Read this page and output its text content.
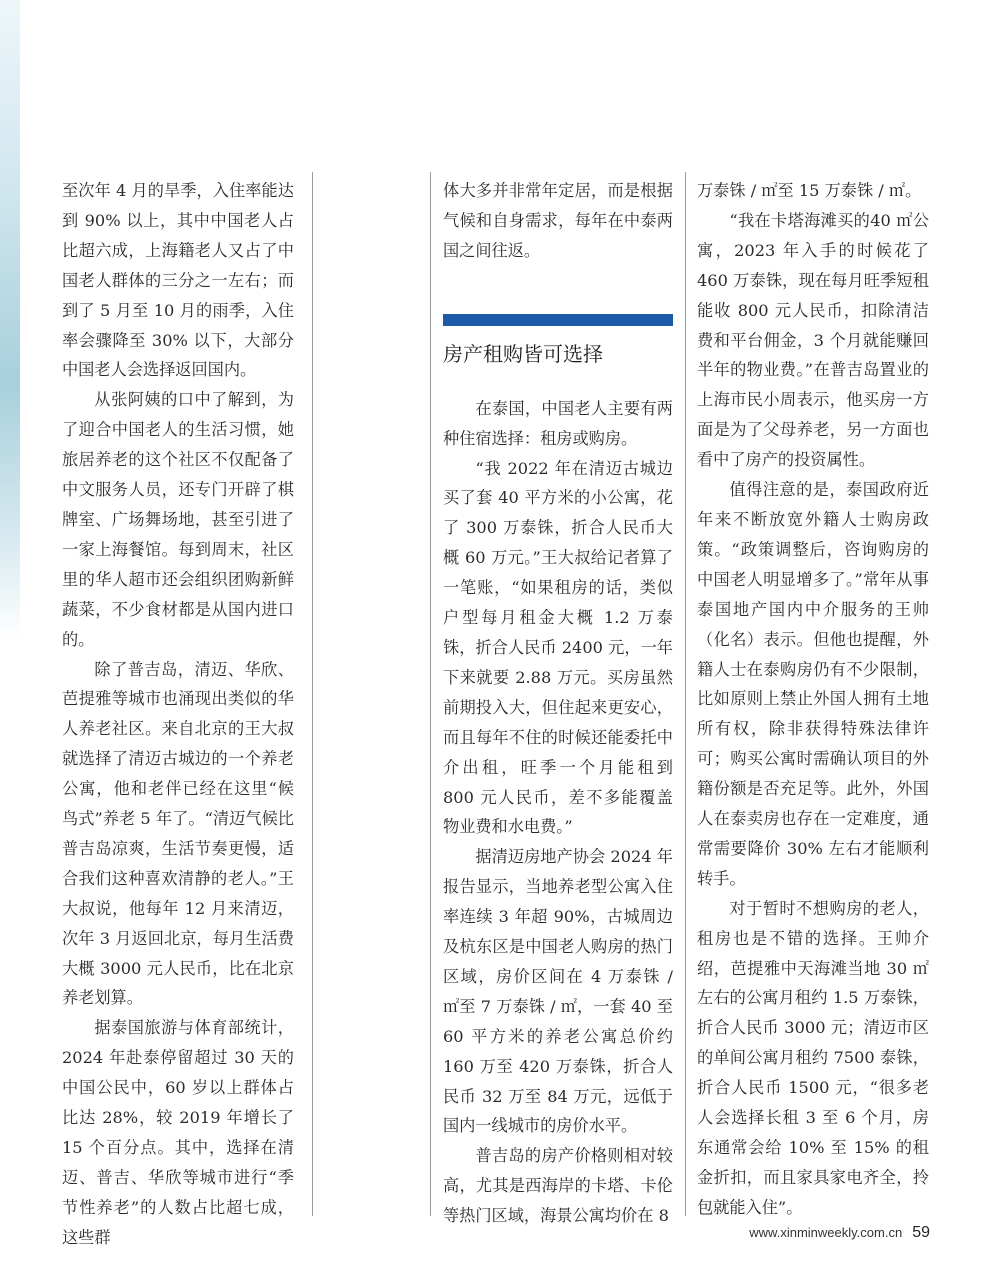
至次年 4 月的旱季，入住率能达到 90% 以上，其中中国老人占比超六成，上海籍老人又占了中国老人群体的三分之一左右；而到了 5 月至 10 月的雨季，入住率会骤降至 30% 以下，大部分中国老人会选择返回国内。

从张阿姨的口中了解到，为了迎合中国老人的生活习惯，她旅居养老的这个社区不仅配备了中文服务人员，还专门开辟了棋牌室、广场舞场地，甚至引进了一家上海餐馆。每到周末，社区里的华人超市还会组织团购新鲜蔬菜，不少食材都是从国内进口的。

除了普吉岛，清迈、华欣、芭提雅等城市也涌现出类似的华人养老社区。来自北京的王大叔就选择了清迈古城边的一个养老公寓，他和老伴已经在这里“候鸟式”养老 5 年了。“清迈气候比普吉岛凉爽，生活节奏更慢，适合我们这种喜欢清静的老人。”王大叔说，他每年 12 月来清迈，次年 3 月返回北京，每月生活费大概 3000 元人民币，比在北京养老划算。

据泰国旅游与体育部统计，2024 年赴泰停留超过 30 天的中国公民中，60 岁以上群体占比达 28%，较 2019 年增长了 15 个百分点。其中，选择在清迈、普吉、华欣等城市进行“季节性养老”的人数占比超七成，这些群

体大多并非常年定居，而是根据气候和自身需求，每年在中泰两国之间往返。

房产租购皆可选择

在泰国，中国老人主要有两种住宿选择：租房或购房。

“我 2022 年在清迈古城边买了套 40 平方米的小公寓，花了 300 万泰铢，折合人民币大概 60 万元。”王大叔给记者算了一笔账，“如果租房的话，类似户型每月租金大概 1.2 万泰铢，折合人民币 2400 元，一年下来就要 2.88 万元。买房虽然前期投入大，但住起来更安心，而且每年不住的时候还能委托中介出租，旺季一个月能租到 800 元人民币，差不多能覆盖物业费和水电费。”

据清迈房地产协会 2024 年报告显示，当地养老型公寓入住率连续 3 年超 90%，古城周边及杭东区是中国老人购房的热门区域，房价区间在 4 万泰铢 / ㎡至 7 万泰铢 / ㎡，一套 40 至 60 平方米的养老公寓总价约 160 万至 420 万泰铢，折合人民币 32 万至 84 万元，远低于国内一线城市的房价水平。

普吉岛的房产价格则相对较高，尤其是西海岸的卡塔、卡伦等热门区域，海景公寓均价在 8

万泰铢 / ㎡至 15 万泰铢 / ㎡。

“我在卡塔海滩买的40 ㎡公寓，2023 年入手的时候花了 460 万泰铢，现在每月旺季短租能收 800 元人民币，扣除清洁费和平台佣金，3 个月就能赚回半年的物业费。”在普吉岛置业的上海市民小周表示，他买房一方面是为了父母养老，另一方面也看中了房产的投资属性。

值得注意的是，泰国政府近年来不断放宽外籍人士购房政策。“政策调整后，咨询购房的中国老人明显增多了。”常年从事泰国地产国内中介服务的王帅（化名）表示。但他也提醒，外籍人士在泰购房仍有不少限制，比如原则上禁止外国人拥有土地所有权，除非获得特殊法律许可；购买公寓时需确认项目的外籍份额是否充足等。此外，外国人在泰卖房也存在一定难度，通常需要降价 30% 左右才能顺利转手。

对于暂时不想购房的老人，租房也是不错的选择。王帅介绍，芭提雅中天海滩当地 30 ㎡左右的公寓月租约 1.5 万泰铢，折合人民币 3000 元；清迈市区的单间公寓月租约 7500 泰铢，折合人民币 1500 元，“很多老人会选择长租 3 至 6 个月，房东通常会给 10% 至 15% 的租金折扣，而且家具家电齐全，拎包就能入住”。

www.xinminweekly.com.cn 59
